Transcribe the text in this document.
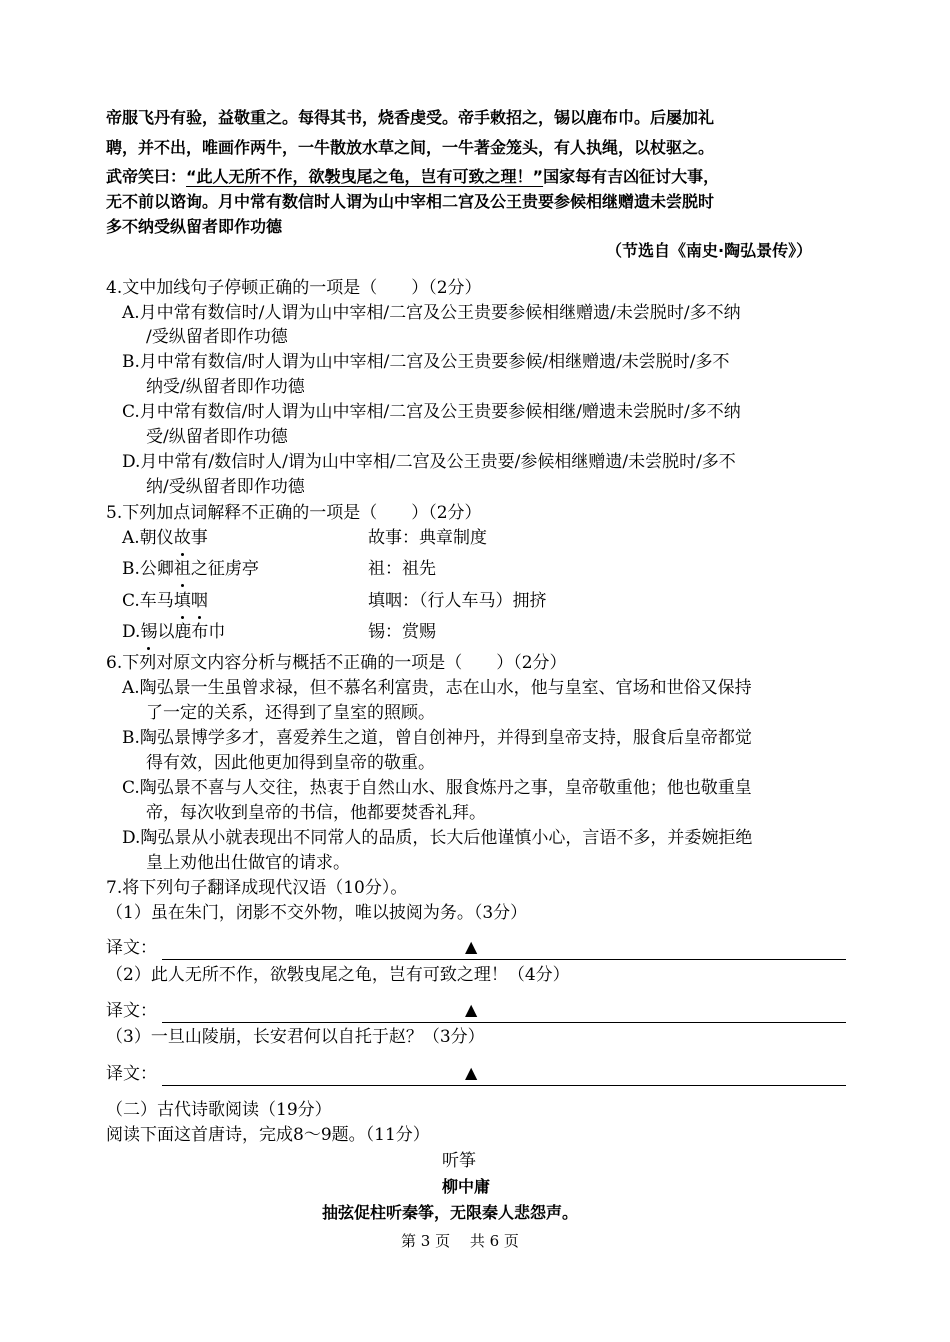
帝服飞丹有验，益敬重之。每得其书，烧香虔受。帝手敕招之，锡以鹿布巾。后屡加礼
聘，并不出，唯画作两牛，一牛散放水草之间，一牛著金笼头，有人执绳，以杖驱之。
武帝笑曰：“此人无所不作，欲斅曳尾之龟，岂有可致之理！”国家每有吉凶征讨大事，
无不前以谘询。月中常有数信时人谓为山中宰相二宫及公王贵要参候相继赠遗未尝脱时
多不纳受纵留者即作功德
（节选自《南史·陶弘景传》）
4.文中加线句子停顿正确的一项是（　　）（2分）
A.月中常有数信时/人谓为山中宰相/二宫及公王贵要参候相继赠遗/未尝脱时/多不纳
/受纵留者即作功德
B.月中常有数信/时人谓为山中宰相/二宫及公王贵要参候/相继赠遗/未尝脱时/多不
纳受/纵留者即作功德
C.月中常有数信/时人谓为山中宰相/二宫及公王贵要参候相继/赠遗未尝脱时/多不纳
受/纵留者即作功德
D.月中常有/数信时人/谓为山中宰相/二宫及公王贵要/参候相继赠遗/未尝脱时/多不
纳/受纵留者即作功德
5.下列加点词解释不正确的一项是（　　）（2分）
A.朝仪故事	故事：典章制度
B.公卿祖之征虏亭	祖：祖先
C.车马填咽	填咽：（行人车马）拥挤
D.锡以鹿布巾	锡：赏赐
6.下列对原文内容分析与概括不正确的一项是（　　）（2分）
A.陶弘景一生虽曾求禄，但不慕名利富贵，志在山水，他与皇室、官场和世俗又保持
了一定的关系，还得到了皇室的照顾。
B.陶弘景博学多才，喜爱养生之道，曾自创神丹，并得到皇帝支持，服食后皇帝都觉
得有效，因此他更加得到皇帝的敬重。
C.陶弘景不喜与人交往，热衷于自然山水、服食炼丹之事，皇帝敬重他；他也敬重皇
帝，每次收到皇帝的书信，他都要焚香礼拜。
D.陶弘景从小就表现出不同常人的品质，长大后他谨慎小心，言语不多，并委婉拒绝
皇上劝他出仕做官的请求。
7.将下列句子翻译成现代汉语（10分）。
（1）虽在朱门，闭影不交外物，唯以披阅为务。（3分）
译文：	▲
（2）此人无所不作，欲斅曳尾之龟，岂有可致之理！（4分）
译文：	▲
（3）一旦山陵崩，长安君何以自托于赵？（3分）
译文：	▲
（二）古代诗歌阅读（19分）
阅读下面这首唐诗，完成8～9题。（11分）
听筝
柳中庸
抽弦促柱听秦筝，无限秦人悲怨声。
第 3 页　 共 6 页
